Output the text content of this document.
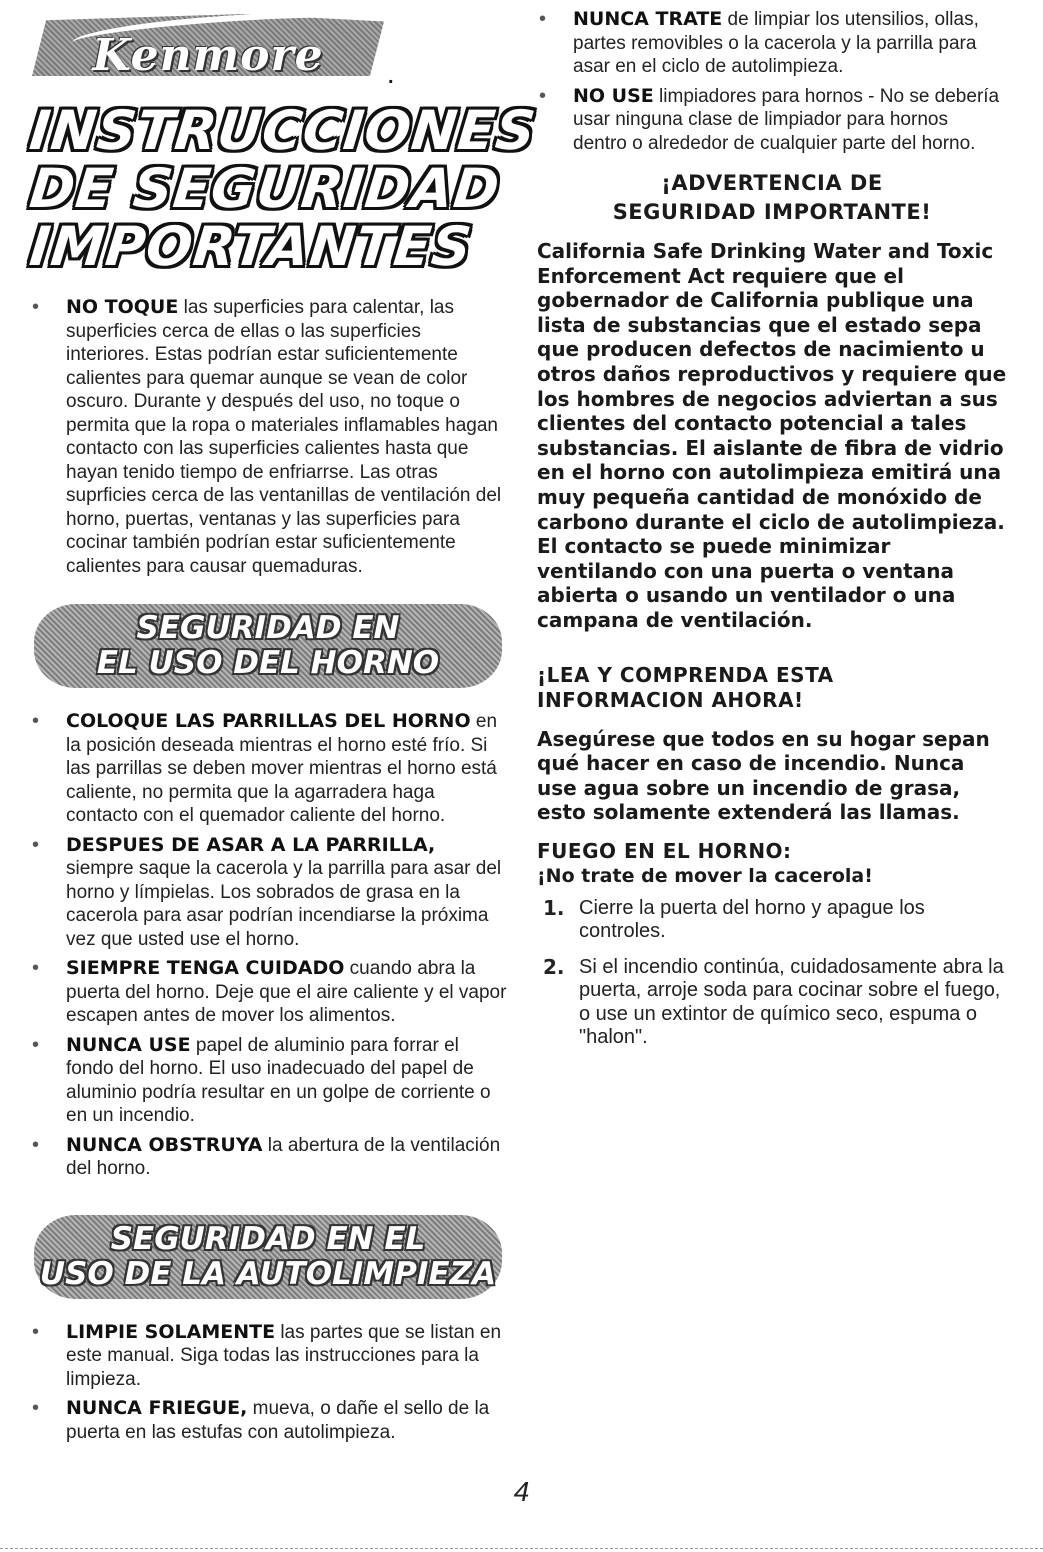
Kenmore	.
INSTRUCCIONES
DE SEGURIDAD
IMPORTANTES
• NO TOQUE las superficies para calentar, las superficies cerca de ellas o las superficies interiores. Estas podrían estar suficientemente calientes para quemar aunque se vean de color oscuro. Durante y después del uso, no toque o permita que la ropa o materiales inflamables hagan contacto con las superficies calientes hasta que hayan tenido tiempo de enfriarrse. Las otras suprficies cerca de las ventanillas de ventilación del horno, puertas, ventanas y las superficies para cocinar también podrían estar suficientemente calientes para causar quemaduras.
SEGURIDAD EN
EL USO DEL HORNO
• COLOQUE LAS PARRILLAS DEL HORNO en la posición deseada mientras el horno esté frío. Si las parrillas se deben mover mientras el horno está caliente, no permita que la agarradera haga contacto con el quemador caliente del horno.
• DESPUES DE ASAR A LA PARRILLA, siempre saque la cacerola y la parrilla para asar del horno y límpielas. Los sobrados de grasa en la cacerola para asar podrían incendiarse la próxima vez que usted use el horno.
• SIEMPRE TENGA CUIDADO cuando abra la puerta del horno. Deje que el aire caliente y el vapor escapen antes de mover los alimentos.
• NUNCA USE papel de aluminio para forrar el fondo del horno. El uso inadecuado del papel de aluminio podría resultar en un golpe de corriente o en un incendio.
• NUNCA OBSTRUYA la abertura de la ventilación del horno.
SEGURIDAD EN EL
USO DE LA AUTOLIMPIEZA
• LIMPIE SOLAMENTE las partes que se listan en este manual. Siga todas las instrucciones para la limpieza.
• NUNCA FRIEGUE, mueva, o dañe el sello de la puerta en las estufas con autolimpieza.
• NUNCA TRATE de limpiar los utensilios, ollas, partes removibles o la cacerola y la parrilla para asar en el ciclo de autolimpieza.
• NO USE limpiadores para hornos - No se debería usar ninguna clase de limpiador para hornos dentro o alrededor de cualquier parte del horno.
¡ADVERTENCIA DE
SEGURIDAD IMPORTANTE!

California Safe Drinking Water and Toxic Enforcement Act requiere que el gobernador de California publique una lista de substancias que el estado sepa que producen defectos de nacimiento u otros daños reproductivos y requiere que los hombres de negocios adviertan a sus clientes del contacto potencial a tales substancias. El aislante de fibra de vidrio en el horno con autolimpieza emitirá una muy pequeña cantidad de monóxido de carbono durante el ciclo de autolimpieza. El contacto se puede minimizar ventilando con una puerta o ventana abierta o usando un ventilador o una campana de ventilación.

¡LEA Y COMPRENDA ESTA
INFORMACION AHORA!

Asegúrese que todos en su hogar sepan qué hacer en caso de incendio. Nunca use agua sobre un incendio de grasa, esto solamente extenderá las llamas.

FUEGO EN EL HORNO:
¡No trate de mover la cacerola!
1. Cierre la puerta del horno y apague los controles.
2. Si el incendio continúa, cuidadosamente abra la puerta, arroje soda para cocinar sobre el fuego, o use un extintor de químico seco, espuma o "halon".
4
